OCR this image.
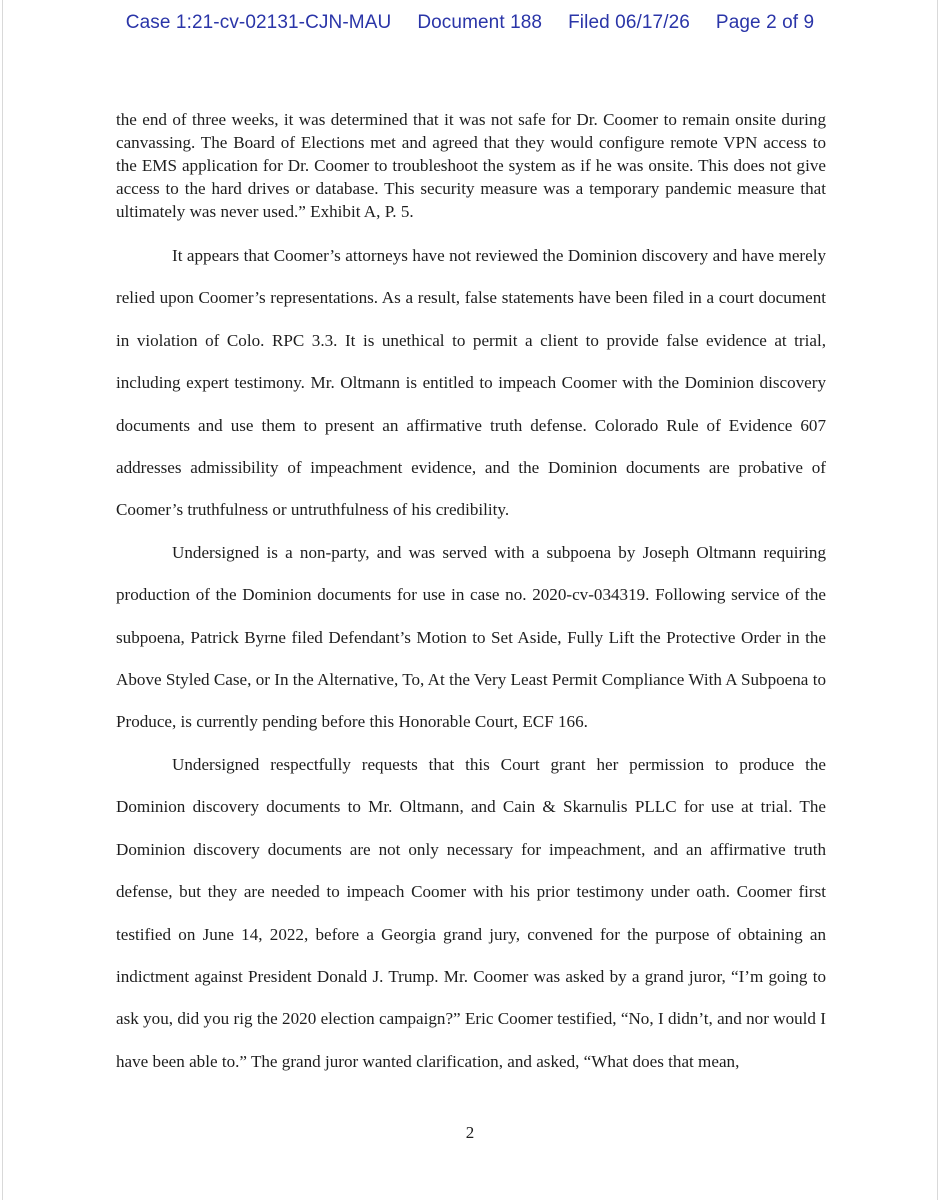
Case 1:21-cv-02131-CJN-MAU Document 188 Filed 06/17/26 Page 2 of 9

the end of three weeks, it was determined that it was not safe for Dr. Coomer to remain onsite during canvassing. The Board of Elections met and agreed that they would configure remote VPN access to the EMS application for Dr. Coomer to troubleshoot the system as if he was onsite. This does not give access to the hard drives or database. This security measure was a temporary pandemic measure that ultimately was never used.” Exhibit A, P. 5.

It appears that Coomer’s attorneys have not reviewed the Dominion discovery and have merely relied upon Coomer’s representations. As a result, false statements have been filed in a court document in violation of Colo. RPC 3.3. It is unethical to permit a client to provide false evidence at trial, including expert testimony. Mr. Oltmann is entitled to impeach Coomer with the Dominion discovery documents and use them to present an affirmative truth defense. Colorado Rule of Evidence 607 addresses admissibility of impeachment evidence, and the Dominion documents are probative of Coomer’s truthfulness or untruthfulness of his credibility.

Undersigned is a non-party, and was served with a subpoena by Joseph Oltmann requiring production of the Dominion documents for use in case no. 2020-cv-034319. Following service of the subpoena, Patrick Byrne filed Defendant’s Motion to Set Aside, Fully Lift the Protective Order in the Above Styled Case, or In the Alternative, To, At the Very Least Permit Compliance With A Subpoena to Produce, is currently pending before this Honorable Court, ECF 166.

Undersigned respectfully requests that this Court grant her permission to produce the Dominion discovery documents to Mr. Oltmann, and Cain & Skarnulis PLLC for use at trial. The Dominion discovery documents are not only necessary for impeachment, and an affirmative truth defense, but they are needed to impeach Coomer with his prior testimony under oath. Coomer first testified on June 14, 2022, before a Georgia grand jury, convened for the purpose of obtaining an indictment against President Donald J. Trump. Mr. Coomer was asked by a grand juror, “I’m going to ask you, did you rig the 2020 election campaign?” Eric Coomer testified, “No, I didn’t, and nor would I have been able to.” The grand juror wanted clarification, and asked, “What does that mean,

2
